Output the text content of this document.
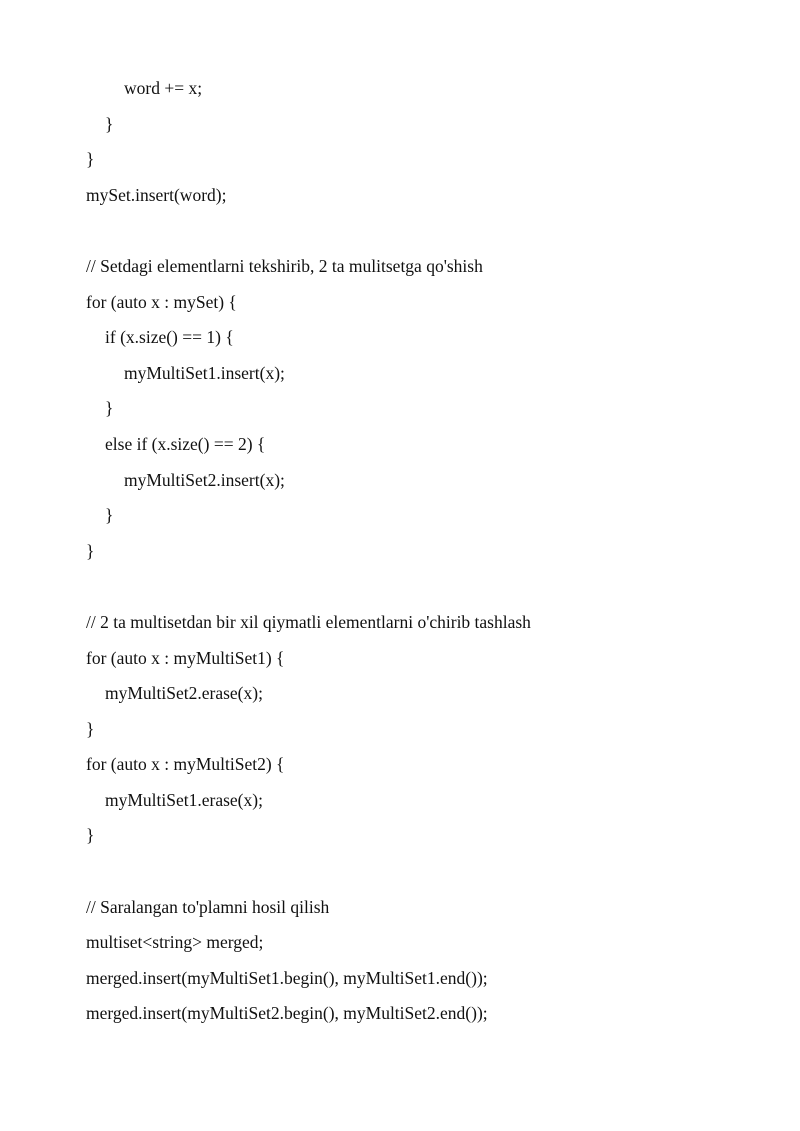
word += x;
}
}
mySet.insert(word);
// Setdagi elementlarni tekshirib, 2 ta mulitsetga qo'shish
for (auto x : mySet) {
if (x.size() == 1) {
myMultiSet1.insert(x);
}
else if (x.size() == 2) {
myMultiSet2.insert(x);
}
}
// 2 ta multisetdan bir xil qiymatli elementlarni o'chirib tashlash
for (auto x : myMultiSet1) {
myMultiSet2.erase(x);
}
for (auto x : myMultiSet2) {
myMultiSet1.erase(x);
}
// Saralangan to'plamni hosil qilish
multiset<string> merged;
merged.insert(myMultiSet1.begin(), myMultiSet1.end());
merged.insert(myMultiSet2.begin(), myMultiSet2.end());
